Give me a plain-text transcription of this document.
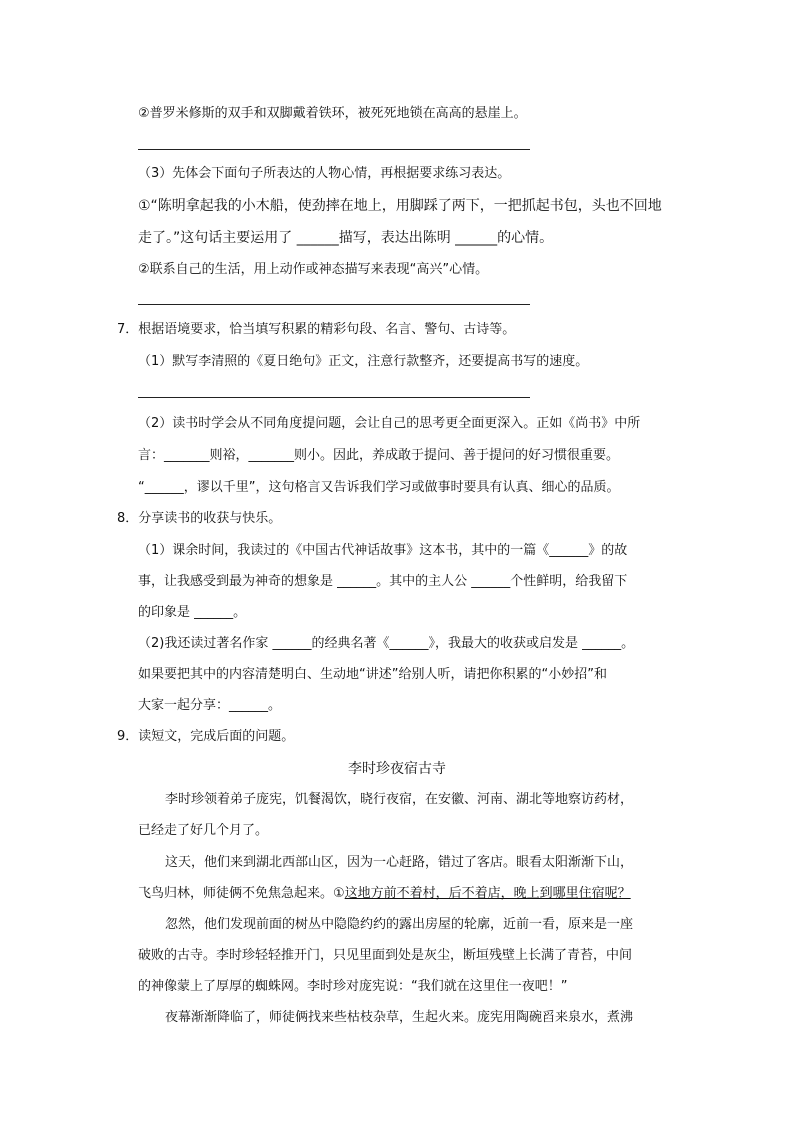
②普罗米修斯的双手和双脚戴着铁环，被死死地锁在高高的悬崖上。
（3）先体会下面句子所表达的人物心情，再根据要求练习表达。
①“陈明拿起我的小木船，使劲摔在地上，用脚踩了两下，一把抓起书包，头也不回地
走了。”这句话主要运用了 ______描写，表达出陈明 ______的心情。
②联系自己的生活，用上动作或神态描写来表现“高兴”心情。
7．根据语境要求，恰当填写积累的精彩句段、名言、警句、古诗等。
（1）默写李清照的《夏日绝句》正文，注意行款整齐，还要提高书写的速度。
（2）读书时学会从不同角度提问题，会让自己的思考更全面更深入。正如《尚书》中所
言：_______则裕，_______则小。因此，养成敢于提问、善于提问的好习惯很重要。
“______，谬以千里”，这句格言又告诉我们学习或做事时要具有认真、细心的品质。
8．分享读书的收获与快乐。
（1）课余时间，我读过的《中国古代神话故事》这本书，其中的一篇《______》的故
事，让我感受到最为神奇的想象是 ______。其中的主人公 ______个性鲜明，给我留下
的印象是 ______。
（2)我还读过著名作家 ______的经典名著《______》，我最大的收获或启发是 ______。
如果要把其中的内容清楚明白、生动地“讲述”给别人听，请把你积累的“小妙招”和
大家一起分享：______。
9．读短文，完成后面的问题。
李时珍夜宿古寺
李时珍领着弟子庞宪，饥餐渴饮，晓行夜宿，在安徽、河南、湖北等地察访药材，
已经走了好几个月了。
这天，他们来到湖北西部山区，因为一心赶路，错过了客店。眼看太阳渐渐下山，
飞鸟归林，师徒俩不免焦急起来。①这地方前不着村，后不着店，晚上到哪里住宿呢？
忽然，他们发现前面的树丛中隐隐约约的露出房屋的轮廓，近前一看，原来是一座
破败的古寺。李时珍轻轻推开门，只见里面到处是灰尘，断垣残壁上长满了青苔，中间
的神像蒙上了厚厚的蜘蛛网。李时珍对庞宪说：“我们就在这里住一夜吧！”
夜幕渐渐降临了，师徒俩找来些枯枝杂草，生起火来。庞宪用陶碗舀来泉水，煮沸
